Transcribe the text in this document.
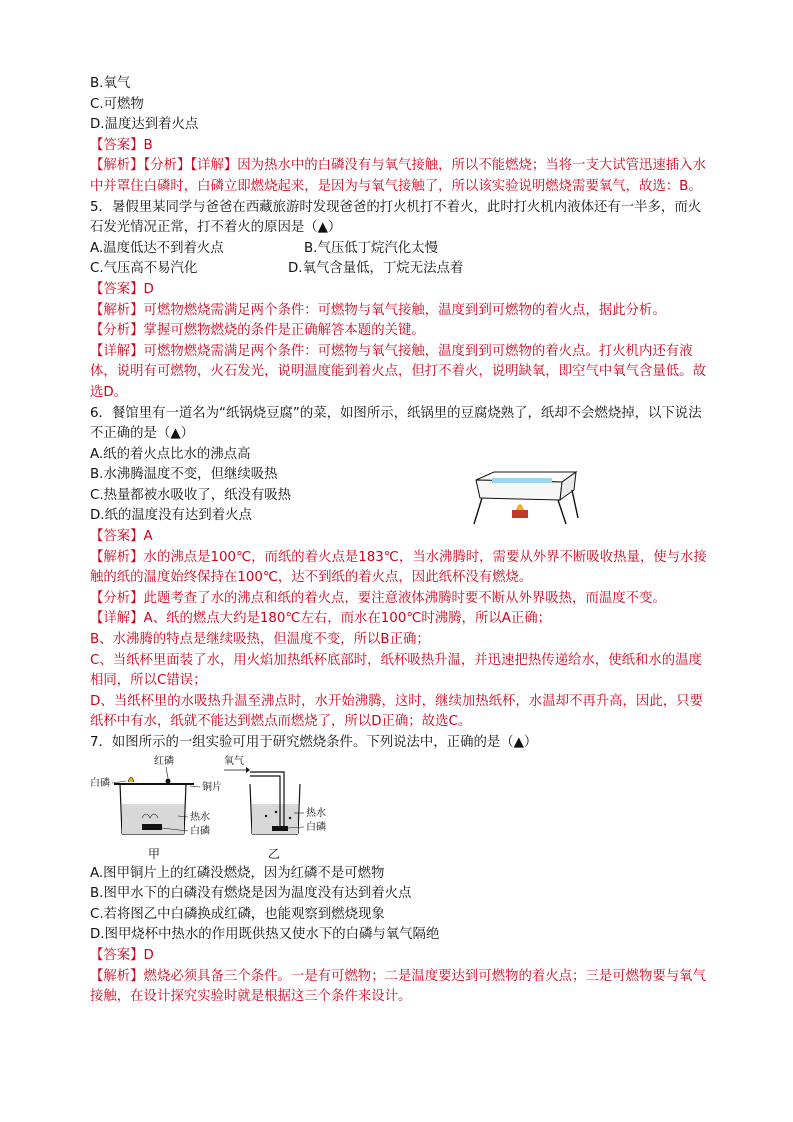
B.氧气
C.可燃物
D.温度达到着火点
【答案】B
【解析】【分析】【详解】因为热水中的白磷没有与氧气接触，所以不能燃烧；当将一支大试管迅速插入水中并罩住白磷时，白磷立即燃烧起来，是因为与氧气接触了，所以该实验说明燃烧需要氧气，故选：B。
5．暑假里某同学与爸爸在西藏旅游时发现爸爸的打火机打不着火，此时打火机内液体还有一半多，而火石发光情况正常，打不着火的原因是（▲）
A.温度低达不到着火点	B.气压低丁烷汽化太慢
C.气压高不易汽化	D.氧气含量低，丁烷无法点着
【答案】D
【解析】可燃物燃烧需满足两个条件：可燃物与氧气接触，温度到到可燃物的着火点，据此分析。
【分析】掌握可燃物燃烧的条件是正确解答本题的关键。
【详解】可燃物燃烧需满足两个条件：可燃物与氧气接触，温度到到可燃物的着火点。打火机内还有液体，说明有可燃物，火石发光，说明温度能到着火点，但打不着火，说明缺氧，即空气中氧气含量低。故选D。
6．餐馆里有一道名为“纸锅烧豆腐”的菜，如图所示，纸锅里的豆腐烧熟了，纸却不会燃烧掉，以下说法不正确的是（▲）
A.纸的着火点比水的沸点高
B.水沸腾温度不变，但继续吸热
C.热量都被水吸收了，纸没有吸热
D.纸的温度没有达到着火点
【答案】A
【解析】水的沸点是100℃，而纸的着火点是183℃，当水沸腾时，需要从外界不断吸收热量，使与水接触的纸的温度始终保持在100℃，达不到纸的着火点，因此纸杯没有燃烧。
【分析】此题考查了水的沸点和纸的着火点，要注意液体沸腾时要不断从外界吸热，而温度不变。
【详解】A、纸的燃点大约是180℃左右，而水在100℃时沸腾，所以A正确；
B、水沸腾的特点是继续吸热，但温度不变，所以B正确；
C、当纸杯里面装了水，用火焰加热纸杯底部时，纸杯吸热升温，并迅速把热传递给水，使纸和水的温度相同，所以C错误；
D、当纸杯里的水吸热升温至沸点时，水开始沸腾，这时，继续加热纸杯，水温却不再升高，因此，只要纸杯中有水，纸就不能达到燃点而燃烧了，所以D正确；故选C。
7．如图所示的一组实验可用于研究燃烧条件。下列说法中，正确的是（▲）
红磷
白磷	铜片
热水
白磷
甲
氧气
热水
白磷
乙
A.图甲铜片上的红磷没燃烧，因为红磷不是可燃物
B.图甲水下的白磷没有燃烧是因为温度没有达到着火点
C.若将图乙中白磷换成红磷，也能观察到燃烧现象
D.图甲烧杯中热水的作用既供热又使水下的白磷与氧气隔绝
【答案】D
【解析】燃烧必须具备三个条件。一是有可燃物；二是温度要达到可燃物的着火点；三是可燃物要与氧气接触，在设计探究实验时就是根据这三个条件来设计。
